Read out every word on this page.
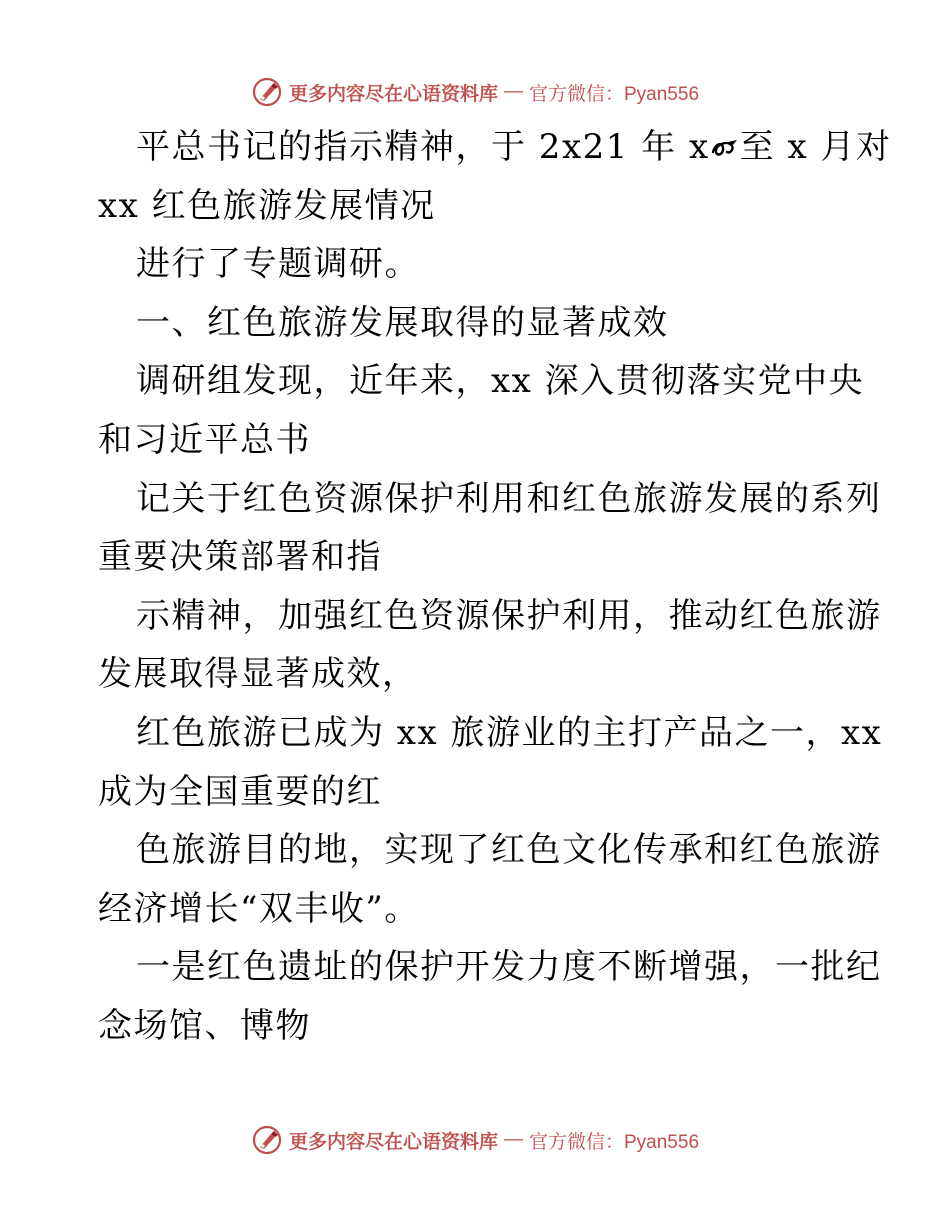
更多内容尽在心语资料库 — 官方微信：Pyan556
平总书记的指示精神，于 2x21 年 x 至 x 月对
xx 红色旅游发展情况
进行了专题调研。
一、红色旅游发展取得的显著成效
调研组发现，近年来，xx 深入贯彻落实党中央
和习近平总书
记关于红色资源保护利用和红色旅游发展的系列
重要决策部署和指
示精神，加强红色资源保护利用，推动红色旅游
发展取得显著成效，
红色旅游已成为 xx 旅游业的主打产品之一，xx
成为全国重要的红
色旅游目的地，实现了红色文化传承和红色旅游
经济增长“双丰收”。
一是红色遗址的保护开发力度不断增强，一批纪
念场馆、博物
更多内容尽在心语资料库 — 官方微信：Pyan556
